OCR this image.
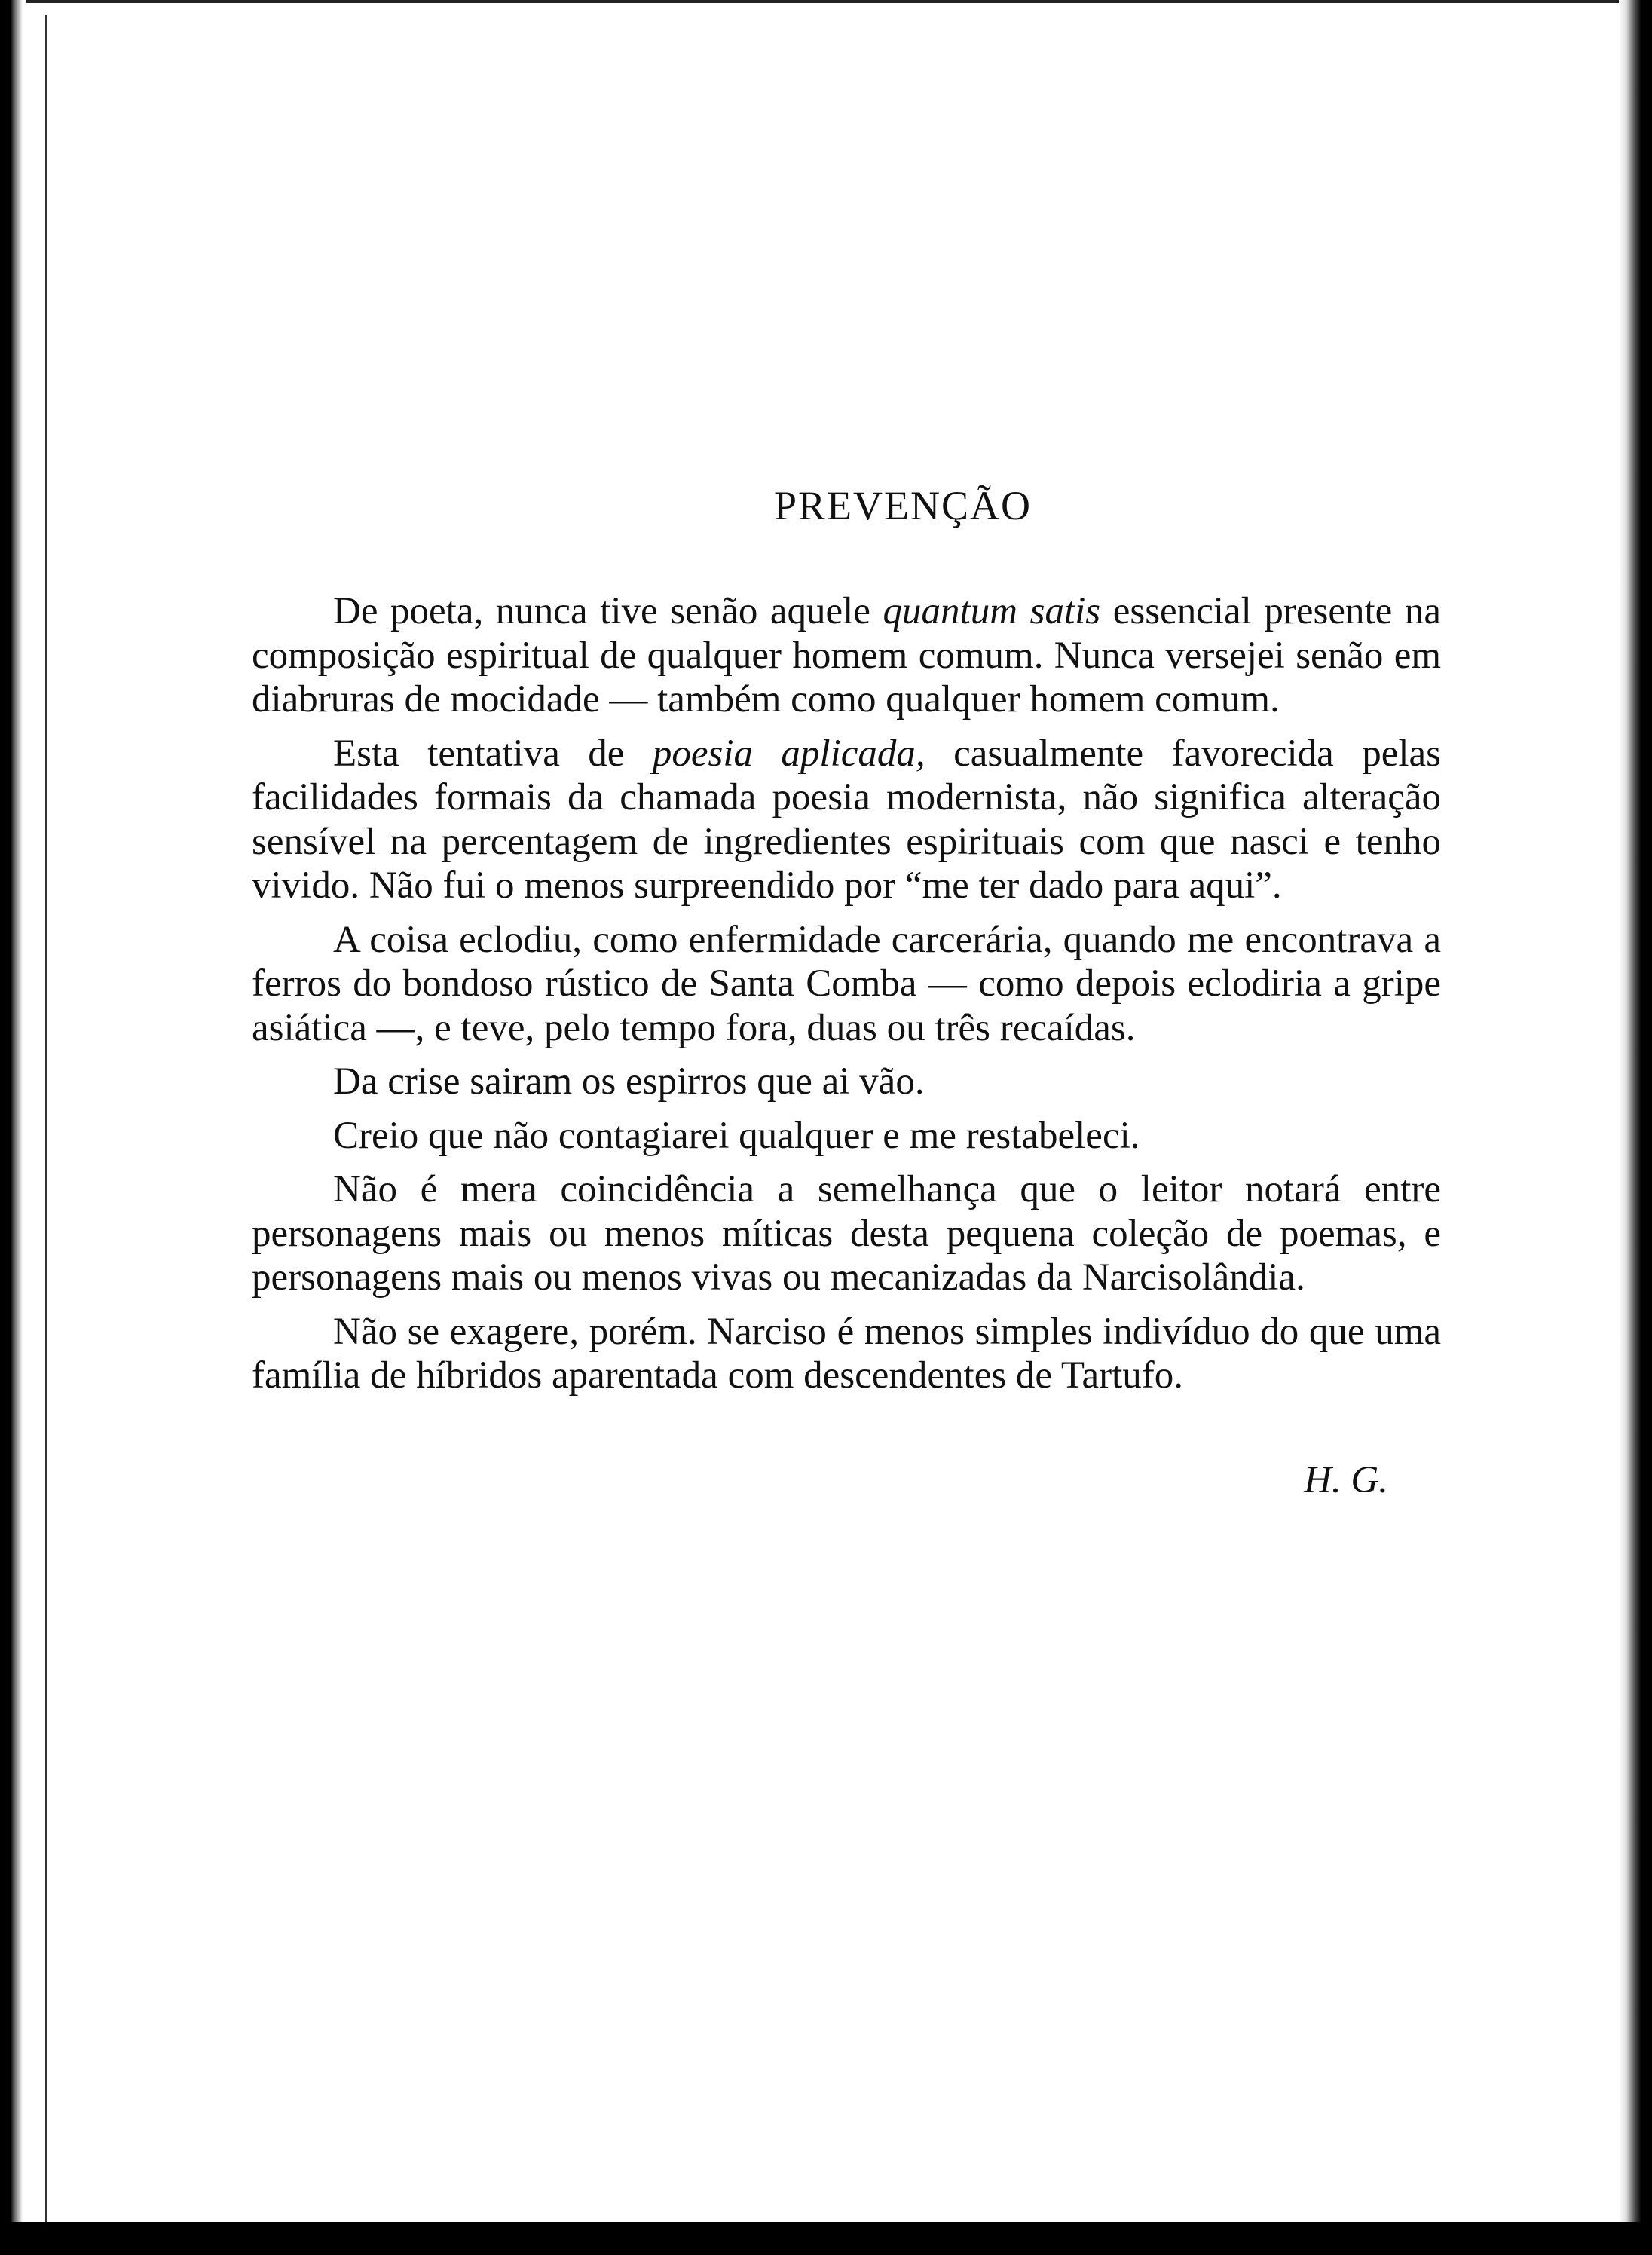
PREVENÇÃO

De poeta, nunca tive senão aquele quantum satis essencial presente na composição espiritual de qualquer homem comum. Nunca versejei senão em diabruras de mocidade — também como qualquer homem comum.

Esta tentativa de poesia aplicada, casualmente favorecida pelas facilidades formais da chamada poesia modernista, não significa alteração sensível na percentagem de ingredientes espirituais com que nasci e tenho vivido. Não fui o menos surpreendido por “me ter dado para aqui”.

A coisa eclodiu, como enfermidade carcerária, quando me encontrava a ferros do bondoso rústico de Santa Comba — como depois eclodiria a gripe asiática —, e teve, pelo tempo fora, duas ou três recaídas.

Da crise sairam os espirros que ai vão.

Creio que não contagiarei qualquer e me restabeleci.

Não é mera coincidência a semelhança que o leitor notará entre personagens mais ou menos míticas desta pequena coleção de poemas, e personagens mais ou menos vivas ou mecanizadas da Narcisolândia.

Não se exagere, porém. Narciso é menos simples indivíduo do que uma família de híbridos aparentada com descendentes de Tartufo.

H. G.
